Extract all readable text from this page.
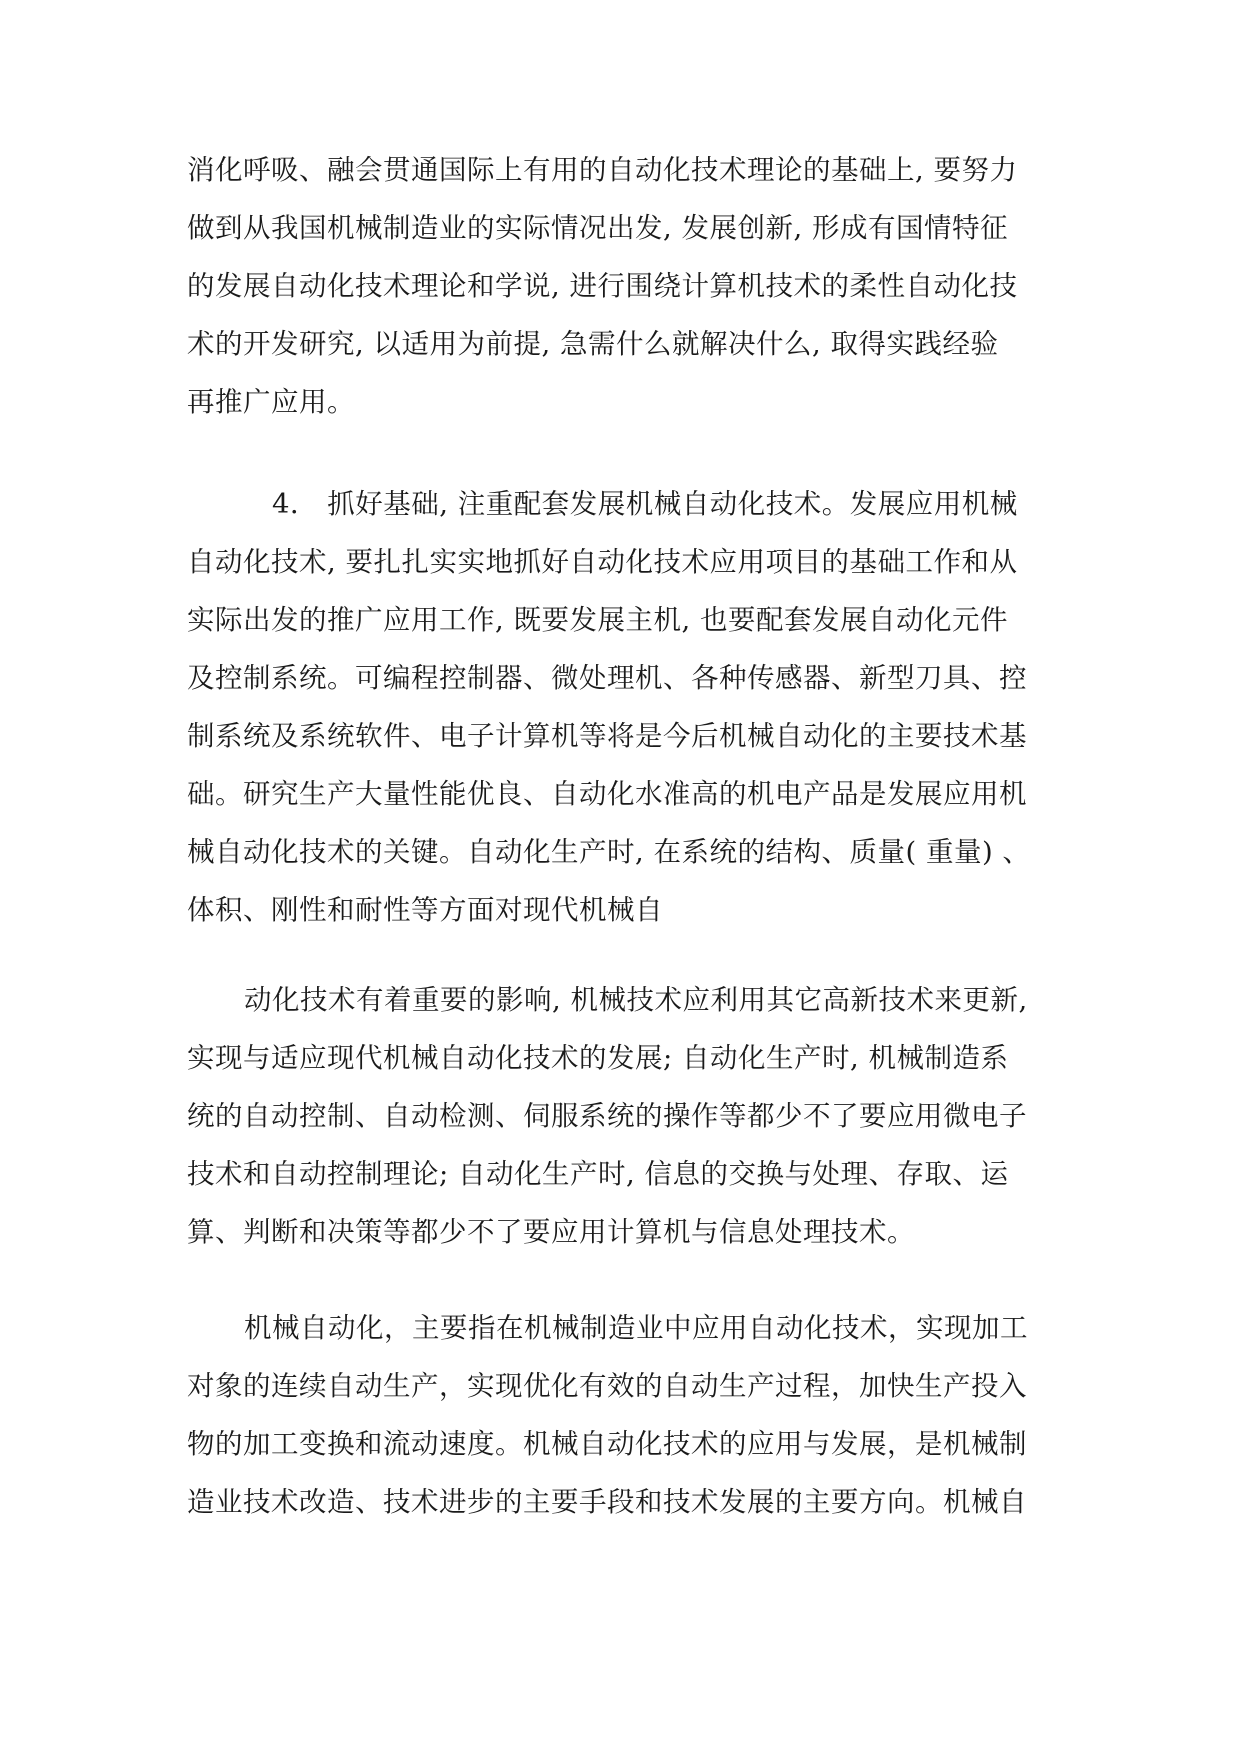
消化呼吸、融会贯通国际上有用的自动化技术理论的基础上, 要努力
做到从我国机械制造业的实际情况出发, 发展创新, 形成有国情特征
的发展自动化技术理论和学说, 进行围绕计算机技术的柔性自动化技
术的开发研究, 以适用为前提, 急需什么就解决什么, 取得实践经验
再推广应用。
4． 抓好基础, 注重配套发展机械自动化技术。发展应用机械
自动化技术, 要扎扎实实地抓好自动化技术应用项目的基础工作和从
实际出发的推广应用工作, 既要发展主机, 也要配套发展自动化元件
及控制系统。可编程控制器、微处理机、各种传感器、新型刀具、控
制系统及系统软件、电子计算机等将是今后机械自动化的主要技术基
础。研究生产大量性能优良、自动化水准高的机电产品是发展应用机
械自动化技术的关键。自动化生产时, 在系统的结构、质量( 重量) 、
体积、刚性和耐性等方面对现代机械自
动化技术有着重要的影响, 机械技术应利用其它高新技术来更新,
实现与适应现代机械自动化技术的发展; 自动化生产时, 机械制造系
统的自动控制、自动检测、伺服系统的操作等都少不了要应用微电子
技术和自动控制理论; 自动化生产时, 信息的交换与处理、存取、运
算、判断和决策等都少不了要应用计算机与信息处理技术。
机械自动化，主要指在机械制造业中应用自动化技术，实现加工
对象的连续自动生产，实现优化有效的自动生产过程，加快生产投入
物的加工变换和流动速度。机械自动化技术的应用与发展，是机械制
造业技术改造、技术进步的主要手段和技术发展的主要方向。机械自
